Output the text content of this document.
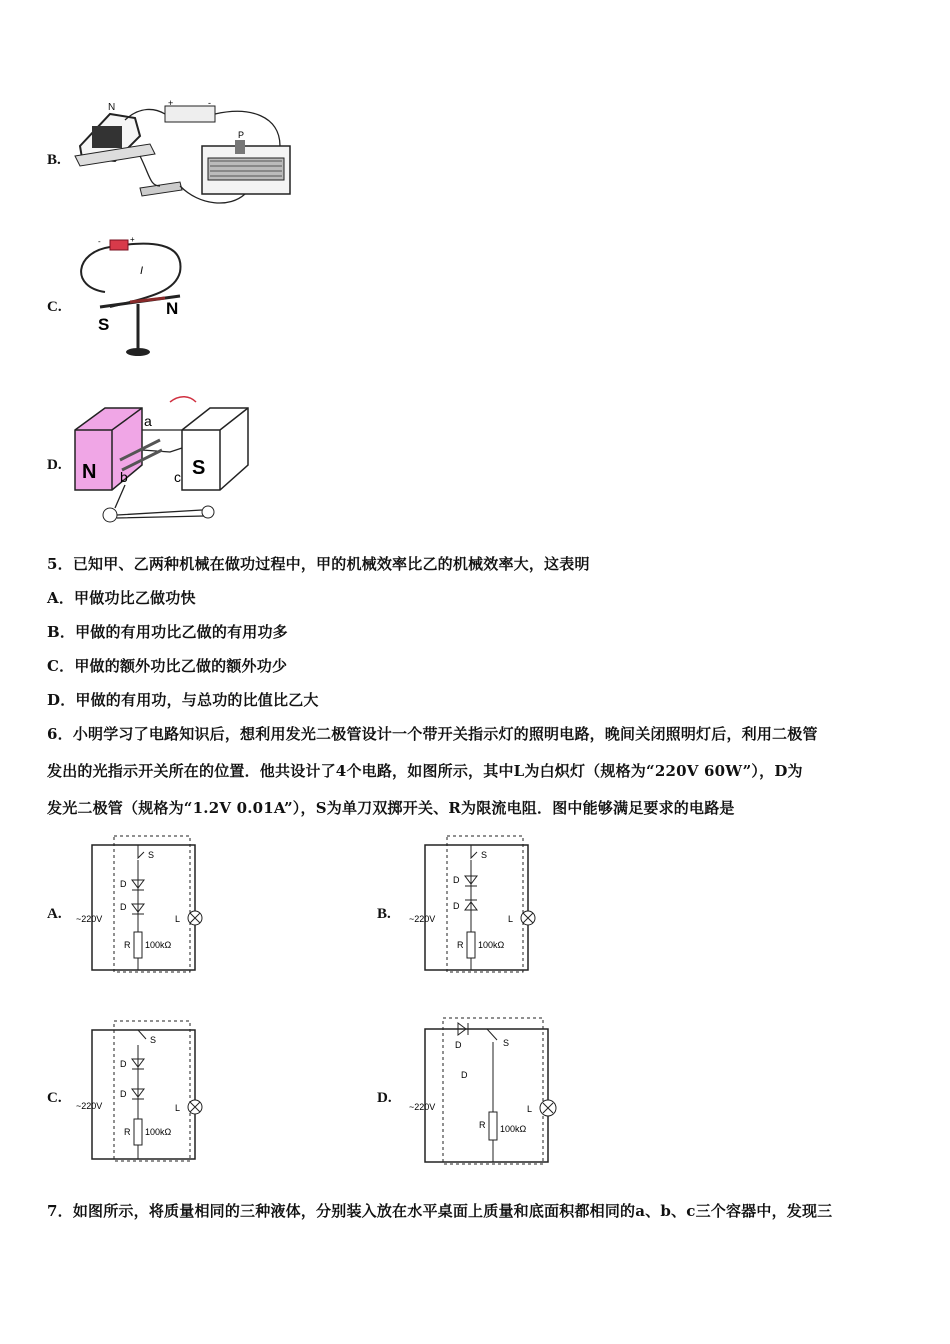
B.
N	+	-
P
C.
-	+
S
N
I
D. N	S
a
b	c
5．已知甲、乙两种机械在做功过程中，甲的机械效率比乙的机械效率大，这表明
A．甲做功比乙做功快
B．甲做的有用功比乙做的有用功多
C．甲做的额外功比乙做的额外功少
D．甲做的有用功，与总功的比值比乙大
6．小明学习了电路知识后，想利用发光二极管设计一个带开关指示灯的照明电路，晚间关闭照明灯后，利用二极管
发出的光指示开关所在的位置．他共设计了4个电路，如图所示，其中L为白炽灯（规格为“220V 60W”），D为
发光二极管（规格为“1.2V 0.01A”），S为单刀双掷开关、R为限流电阻．图中能够满足要求的电路是
A. ~220V
S
D
D
R 100kΩ
L	B. ~220V
S
D
D
R 100kΩ
L
C. ~220V
S
D
D
R 100kΩ
L
D.
~220V
D
D
S
R 100kΩ
L
7．如图所示，将质量相同的三种液体，分别装入放在水平桌面上质量和底面积都相同的a、b、c三个容器中，发现三
